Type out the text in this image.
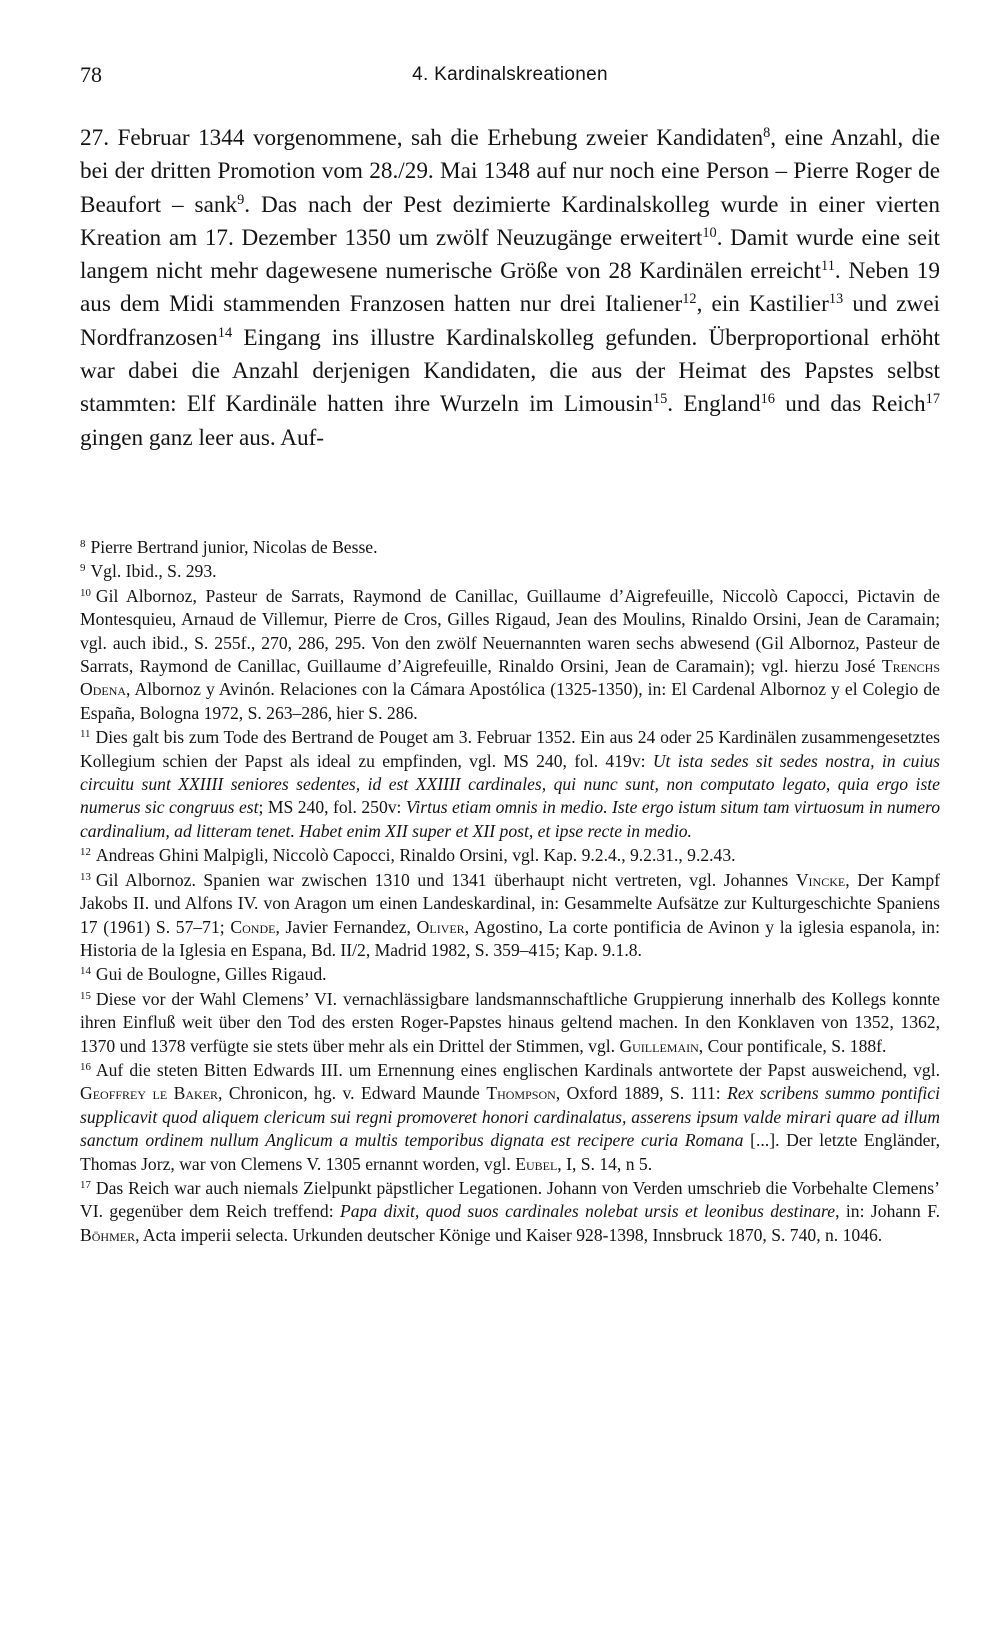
78	4. Kardinalskreationen

27. Februar 1344 vorgenommene, sah die Erhebung zweier Kandidaten$^8$, eine Anzahl, die bei der dritten Promotion vom 28./29. Mai 1348 auf nur noch eine Person – Pierre Roger de Beaufort – sank$^9$. Das nach der Pest dezimierte Kardinalskolleg wurde in einer vierten Kreation am 17. Dezember 1350 um zwölf Neuzugänge erweitert$^{10}$. Damit wurde eine seit langem nicht mehr dagewesene numerische Größe von 28 Kardinälen erreicht$^{11}$. Neben 19 aus dem Midi stammenden Franzosen hatten nur drei Italiener$^{12}$, ein Kastilier$^{13}$ und zwei Nordfranzosen$^{14}$ Eingang ins illustre Kardinalskolleg gefunden. Überproportional erhöht war dabei die Anzahl derjenigen Kandidaten, die aus der Heimat des Papstes selbst stammten: Elf Kardinäle hatten ihre Wurzeln im Limousin$^{15}$. England$^{16}$ und das Reich$^{17}$ gingen ganz leer aus. Auf-

$^8$ Pierre Bertrand junior, Nicolas de Besse.

$^9$ Vgl. Ibid., S. 293.

$^{10}$ Gil Albornoz, Pasteur de Sarrats, Raymond de Canillac, Guillaume d’Aigrefeuille, Niccolò Capocci, Pictavin de Montesquieu, Arnaud de Villemur, Pierre de Cros, Gilles Rigaud, Jean des Moulins, Rinaldo Orsini, Jean de Caramain; vgl. auch ibid., S. 255f., 270, 286, 295. Von den zwölf Neuernannten waren sechs abwesend (Gil Albornoz, Pasteur de Sarrats, Raymond de Canillac, Guillaume d’Aigrefeuille, Rinaldo Orsini, Jean de Caramain); vgl. hierzu José Trenchs Odena, Albornoz y Avinón. Relaciones con la Cámara Apostólica (1325-1350), in: El Cardenal Albornoz y el Colegio de España, Bologna 1972, S. 263–286, hier S. 286.

$^{11}$ Dies galt bis zum Tode des Bertrand de Pouget am 3. Februar 1352. Ein aus 24 oder 25 Kardinälen zusammengesetztes Kollegium schien der Papst als ideal zu empfinden, vgl. MS 240, fol. 419v: Ut ista sedes sit sedes nostra, in cuius circuitu sunt XXIIII seniores sedentes, id est XXIIII cardinales, qui nunc sunt, non computato legato, quia ergo iste numerus sic congruus est; MS 240, fol. 250v: Virtus etiam omnis in medio. Iste ergo istum situm tam virtuosum in numero cardinalium, ad litteram tenet. Habet enim XII super et XII post, et ipse recte in medio.

$^{12}$ Andreas Ghini Malpigli, Niccolò Capocci, Rinaldo Orsini, vgl. Kap. 9.2.4., 9.2.31., 9.2.43.

$^{13}$ Gil Albornoz. Spanien war zwischen 1310 und 1341 überhaupt nicht vertreten, vgl. Johannes Vincke, Der Kampf Jakobs II. und Alfons IV. von Aragon um einen Landeskardinal, in: Gesammelte Aufsätze zur Kulturgeschichte Spaniens 17 (1961) S. 57–71; Conde, Javier Fernandez, Oliver, Agostino, La corte pontificia de Avinon y la iglesia espanola, in: Historia de la Iglesia en Espana, Bd. II/2, Madrid 1982, S. 359–415; Kap. 9.1.8.

$^{14}$ Gui de Boulogne, Gilles Rigaud.

$^{15}$ Diese vor der Wahl Clemens’ VI. vernachlässigbare landsmannschaftliche Gruppierung innerhalb des Kollegs konnte ihren Einfluß weit über den Tod des ersten Roger-Papstes hinaus geltend machen. In den Konklaven von 1352, 1362, 1370 und 1378 verfügte sie stets über mehr als ein Drittel der Stimmen, vgl. Guillemain, Cour pontificale, S. 188f.

$^{16}$ Auf die steten Bitten Edwards III. um Ernennung eines englischen Kardinals antwortete der Papst ausweichend, vgl. Geoffrey le Baker, Chronicon, hg. v. Edward Maunde Thompson, Oxford 1889, S. 111: Rex scribens summo pontifici supplicavit quod aliquem clericum sui regni promoveret honori cardinalatus, asserens ipsum valde mirari quare ad illum sanctum ordinem nullum Anglicum a multis temporibus dignata est recipere curia Romana [...]. Der letzte Engländer, Thomas Jorz, war von Clemens V. 1305 ernannt worden, vgl. Eubel, I, S. 14, n 5.

$^{17}$ Das Reich war auch niemals Zielpunkt päpstlicher Legationen. Johann von Verden umschrieb die Vorbehalte Clemens’ VI. gegenüber dem Reich treffend: Papa dixit, quod suos cardinales nolebat ursis et leonibus destinare, in: Johann F. Böhmer, Acta imperii selecta. Urkunden deutscher Könige und Kaiser 928-1398, Innsbruck 1870, S. 740, n. 1046.
